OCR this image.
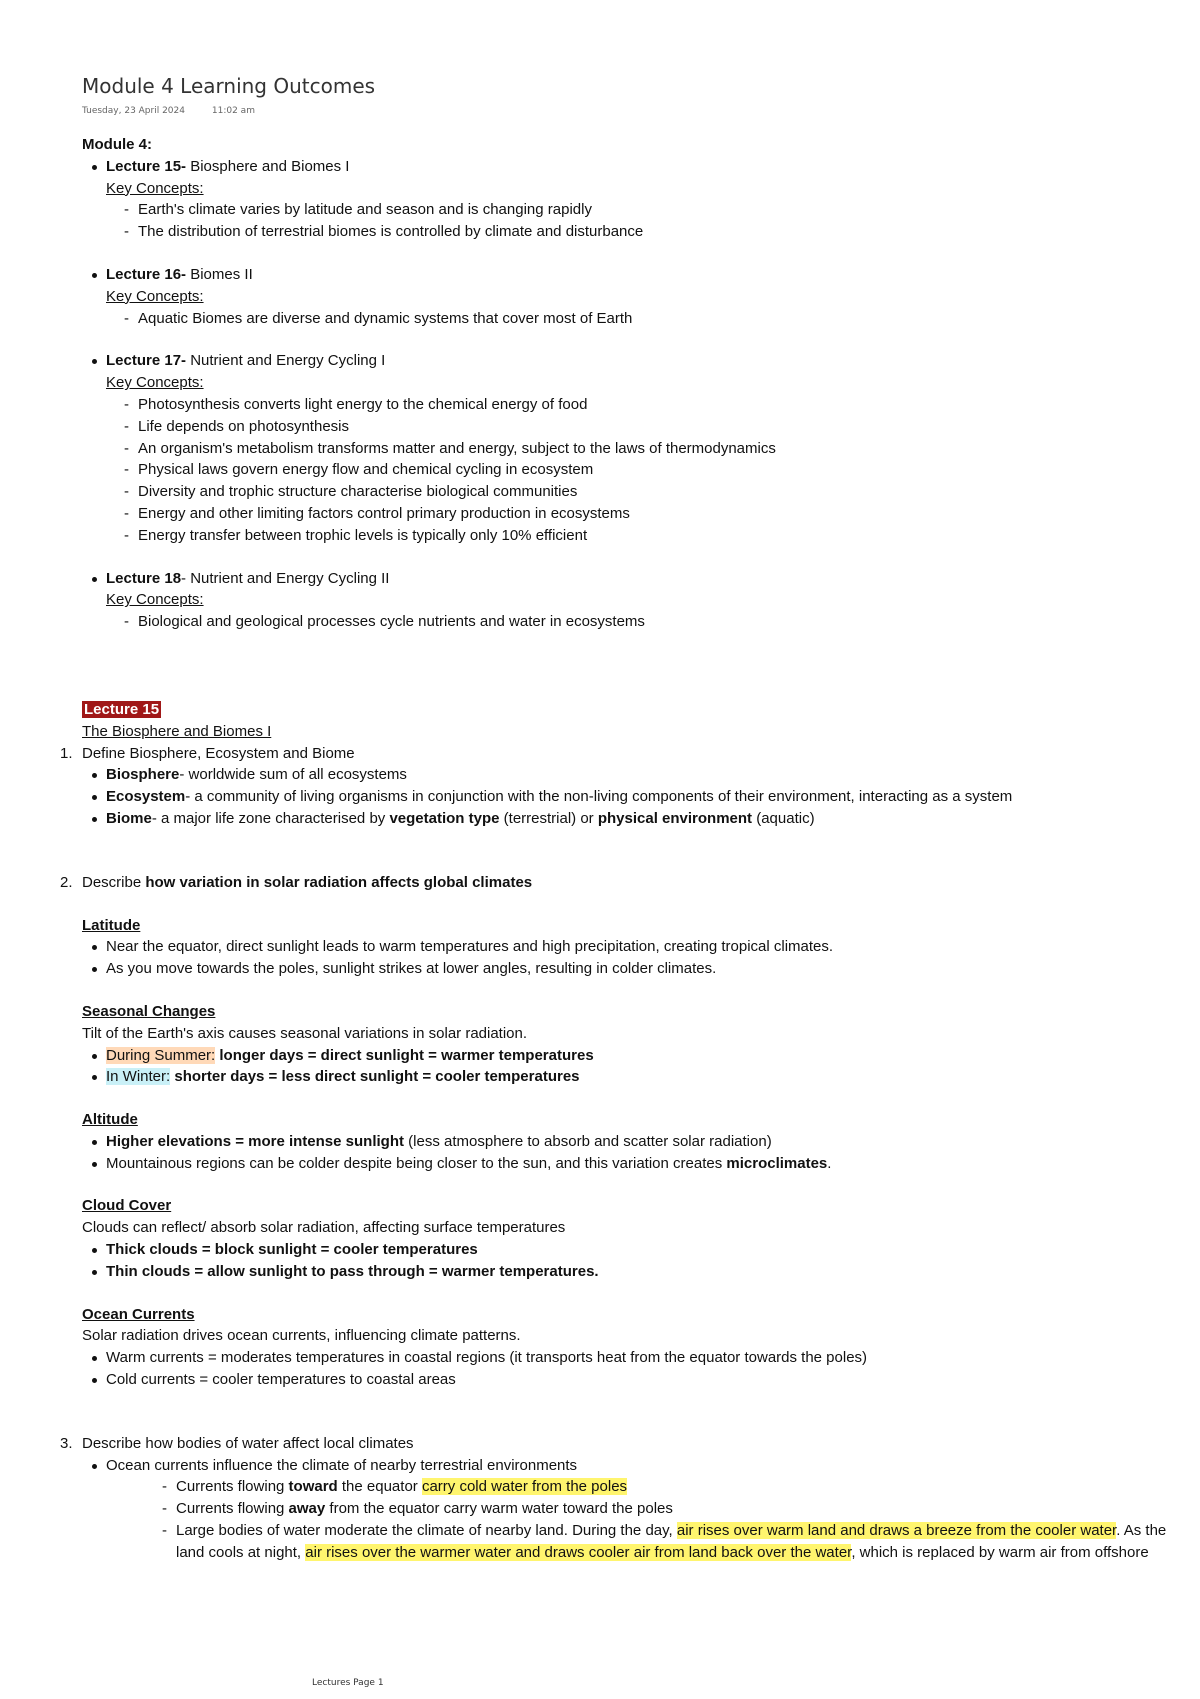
Module 4 Learning Outcomes
Tuesday, 23 April 2024	11:02 am
Module 4:
Lecture 15- Biosphere and Biomes I
Key Concepts:
- Earth's climate varies by latitude and season and is changing rapidly
- The distribution of terrestrial biomes is controlled by climate and disturbance
Lecture 16- Biomes II
Key Concepts:
- Aquatic Biomes are diverse and dynamic systems that cover most of Earth
Lecture 17- Nutrient and Energy Cycling I
Key Concepts:
- Photosynthesis converts light energy to the chemical energy of food
- Life depends on photosynthesis
- An organism's metabolism transforms matter and energy, subject to the laws of thermodynamics
- Physical laws govern energy flow and chemical cycling in ecosystem
- Diversity and trophic structure characterise biological communities
- Energy and other limiting factors control primary production in ecosystems
- Energy transfer between trophic levels is typically only 10% efficient
Lecture 18- Nutrient and Energy Cycling II
Key Concepts:
- Biological and geological processes cycle nutrients and water in ecosystems
Lecture 15
The Biosphere and Biomes I
1. Define Biosphere, Ecosystem and Biome
Biosphere- worldwide sum of all ecosystems
Ecosystem- a community of living organisms in conjunction with the non-living components of their environment, interacting as a system
Biome- a major life zone characterised by vegetation type (terrestrial) or physical environment (aquatic)
2. Describe how variation in solar radiation affects global climates
Latitude
Near the equator, direct sunlight leads to warm temperatures and high precipitation, creating tropical climates.
As you move towards the poles, sunlight strikes at lower angles, resulting in colder climates.
Seasonal Changes
Tilt of the Earth's axis causes seasonal variations in solar radiation.
During Summer: longer days = direct sunlight = warmer temperatures
In Winter: shorter days = less direct sunlight = cooler temperatures
Altitude
Higher elevations = more intense sunlight (less atmosphere to absorb and scatter solar radiation)
Mountainous regions can be colder despite being closer to the sun, and this variation creates microclimates.
Cloud Cover
Clouds can reflect/ absorb solar radiation, affecting surface temperatures
Thick clouds = block sunlight = cooler temperatures
Thin clouds = allow sunlight to pass through = warmer temperatures.
Ocean Currents
Solar radiation drives ocean currents, influencing climate patterns.
Warm currents = moderates temperatures in coastal regions (it transports heat from the equator towards the poles)
Cold currents = cooler temperatures to coastal areas
3. Describe how bodies of water affect local climates
Ocean currents influence the climate of nearby terrestrial environments
- Currents flowing toward the equator carry cold water from the poles
- Currents flowing away from the equator carry warm water toward the poles
- Large bodies of water moderate the climate of nearby land. During the day, air rises over warm land and draws a breeze from the cooler water. As the land cools at night, air rises over the warmer water and draws cooler air from land back over the water, which is replaced by warm air from offshore
Lectures Page 1
